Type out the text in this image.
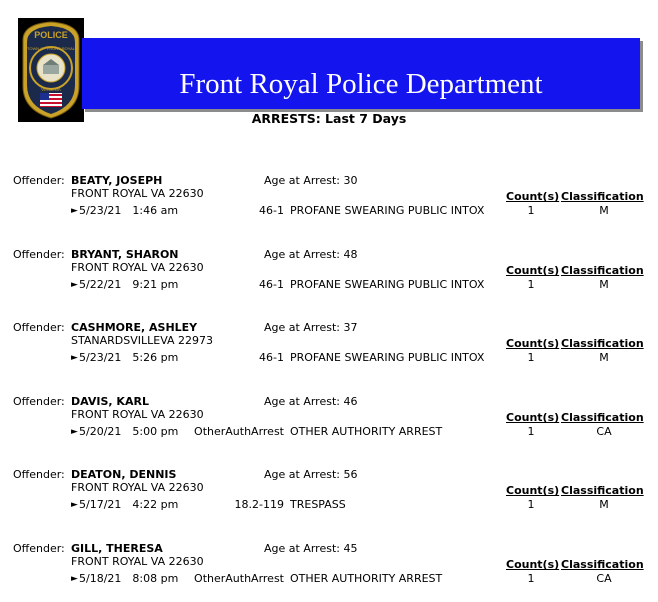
POLICE
TOWN OF FRONT ROYAL
VIRGINIA	Front Royal Police Department
ARRESTS: Last 7 Days
Offender: BEATY, JOSEPH	Age at Arrest: 30
FRONT ROYAL VA 22630	Count(s) Classification
► 5/23/21 1:46 am	46-1 PROFANE SWEARING PUBLIC INTOX	1	M
Offender: BRYANT, SHARON	Age at Arrest: 48
FRONT ROYAL VA 22630	Count(s) Classification
► 5/22/21 9:21 pm	46-1 PROFANE SWEARING PUBLIC INTOX	1	M
Offender: CASHMORE, ASHLEY	Age at Arrest: 37
STANARDSVILLEVA 22973	Count(s) Classification
► 5/23/21 5:26 pm	46-1 PROFANE SWEARING PUBLIC INTOX	1	M
Offender: DAVIS, KARL	Age at Arrest: 46
FRONT ROYAL VA 22630	Count(s) Classification
► 5/20/21 5:00 pm	OtherAuthArrest OTHER AUTHORITY ARREST	1	CA
Offender: DEATON, DENNIS	Age at Arrest: 56
FRONT ROYAL VA 22630	Count(s) Classification
► 5/17/21 4:22 pm	18.2-119 TRESPASS	1	M
Offender: GILL, THERESA	Age at Arrest: 45
FRONT ROYAL VA 22630	Count(s) Classification
► 5/18/21 8:08 pm	OtherAuthArrest OTHER AUTHORITY ARREST	1	CA
